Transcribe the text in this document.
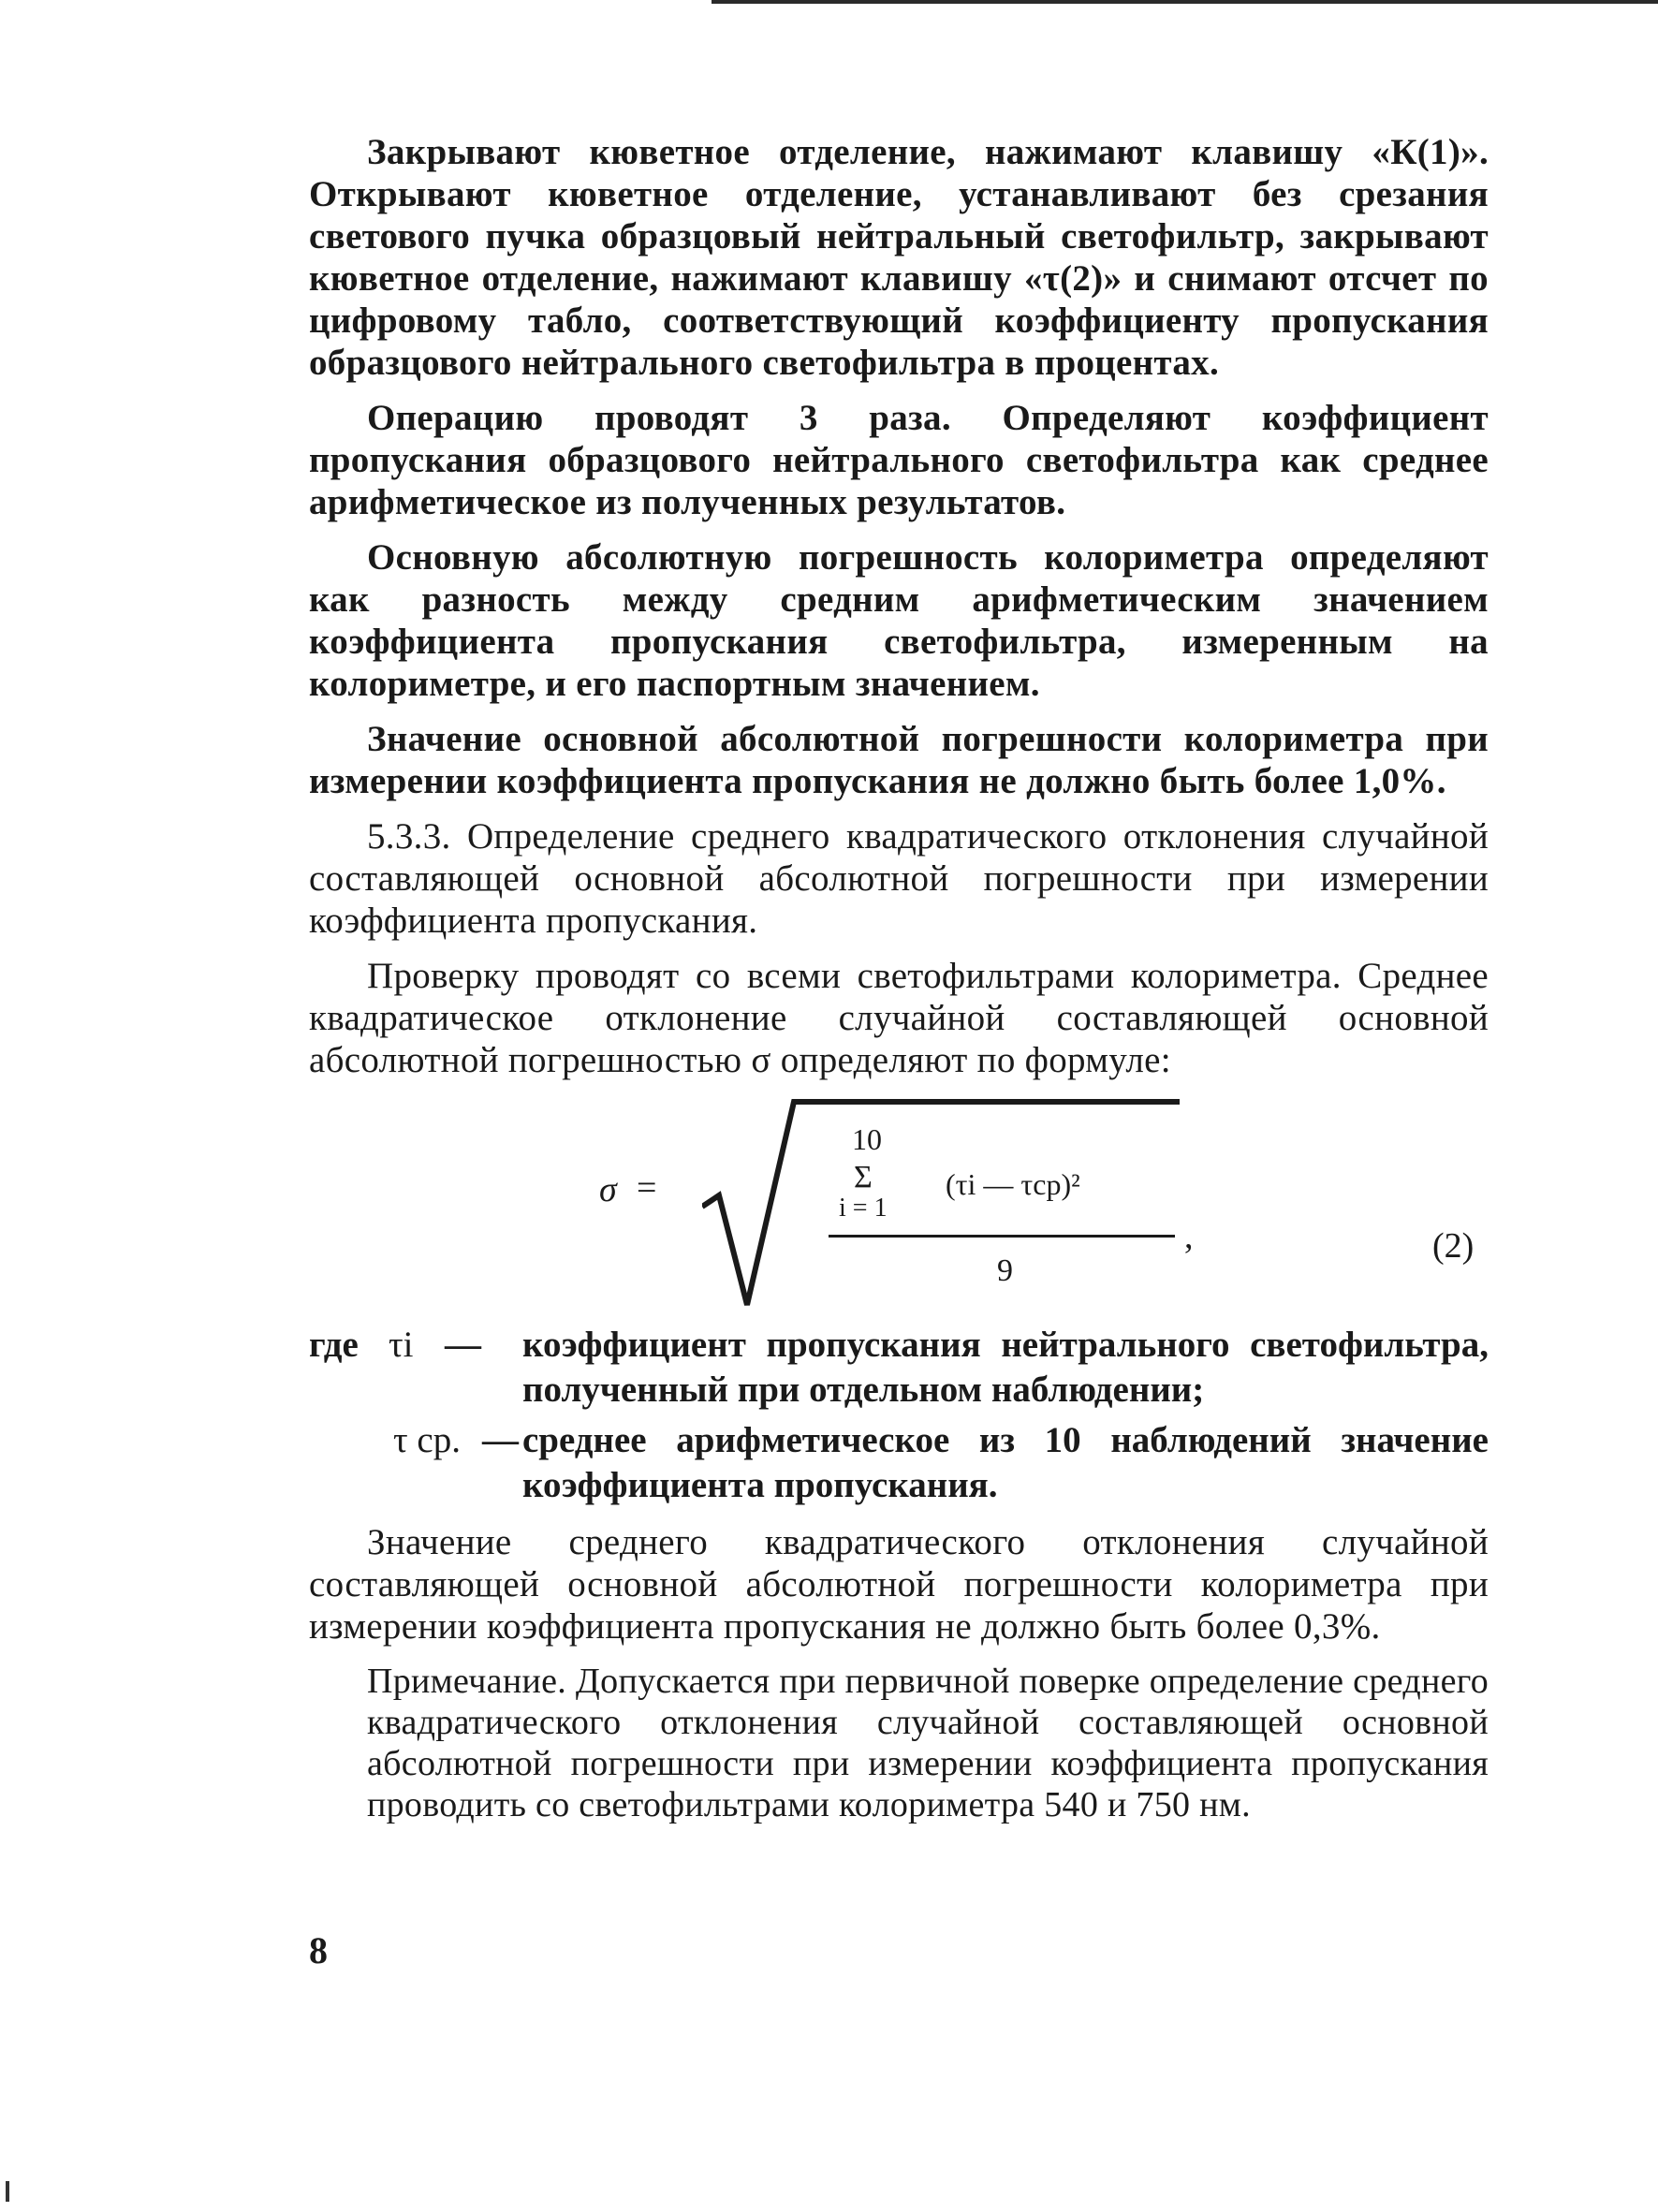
Закрывают кюветное отделение, нажимают клавишу «К(1)». Открывают кюветное отделение, устанавливают без срезания светового пучка образцовый нейтральный светофильтр, закрывают кюветное отделение, нажимают клавишу «τ(2)» и снимают отсчет по цифровому табло, соответствующий коэффициенту пропускания образцового нейтрального светофильтра в процентах.

Операцию проводят 3 раза. Определяют коэффициент пропускания образцового нейтрального светофильтра как среднее арифметическое из полученных результатов.

Основную абсолютную погрешность колориметра определяют как разность между средним арифметическим значением коэффициента пропускания светофильтра, измеренным на колориметре, и его паспортным значением.

Значение основной абсолютной погрешности колориметра при измерении коэффициента пропускания не должно быть более 1,0%.

5.3.3. Определение среднего квадратического отклонения случайной составляющей основной абсолютной погрешности при измерении коэффициента пропускания.

Проверку проводят со всеми светофильтрами колориметра. Среднее квадратическое отклонение случайной составляющей основной абсолютной погрешностью σ определяют по формуле:

σ =
10
Σ
i = 1
(τi — τcp)²
,
9
(2)
где τi — коэффициент пропускания нейтрального светофильтра, полученный при отдельном наблюдении;
τ ср. — среднее арифметическое из 10 наблюдений значение коэффициента пропускания.

Значение среднего квадратического отклонения случайной составляющей основной абсолютной погрешности колориметра при измерении коэффициента пропускания не должно быть более 0,3%.

Примечание. Допускается при первичной поверке определение среднего квадратического отклонения случайной составляющей основной абсолютной погрешности при измерении коэффициента пропускания проводить со светофильтрами колориметра 540 и 750 нм.

8
